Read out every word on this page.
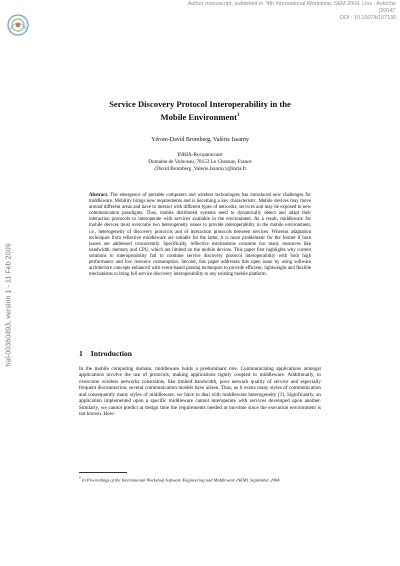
Author manuscript, published in "4th International Workshop, SEM 2004, Linz : Autriche
(2004)"
DOI : 10.1007/b107130
hal-00360493, version 1 - 11 Feb 2009
Service Discovery Protocol Interoperability in the
Mobile Environment$^1$
Yérom-David Bromberg, Valérie Issarny
INRIA-Rocquencourt
Domaine de Voluceau, 78153 Le Chesnay, France
{David.Bromberg ,Valerie.Issarny}@inria.fr
Abstract. The emergence of portable computers and wireless technologies has introduced new challenges for middleware. Mobility brings new requirements and is becoming a key characteristic. Mobile devices may move around different areas and have to interact with different types of networks, services and may be exposed to new communication paradigms. Thus, mobile distributed systems need to dynamically detect and adapt their interaction protocols to interoperate with services available in the environment. As a result, middleware for mobile devices must overcome two heterogeneity issues to provide interoperability in the mobile environment, i.e., heterogeneity of discovery protocols and of interaction protocols between services. Whereas adaptation techniques from reflective middleware are suitable for the latter, it is more problematic for the former if both issues are addressed concurrently. Specifically, reflective mechanisms consume too many resources like bandwidth, memory and CPU, which are limited on the mobile devices. This paper first highlights why current solutions to interoperability fail to combine service discovery protocol interoperability with both high performance and low resource consumption. Second, this paper addresses this open issue by using software architecture concepts enhanced with event-based parsing techniques to provide efficient, lightweight and flexible mechanisms to bring full service discovery interoperability to any existing mobile platform.
1 Introduction
In the mobile computing domain, middleware holds a predominant role. Communicating applications amongst applications involve the use of protocols, making applications tightly coupled to middleware. Additionally, to overcome wireless networks constraints, like limited bandwidth, poor network quality of service and especially frequent disconnection, several communication models have arisen. Thus, as it exists many styles of communication and consequently many styles of middleware, we have to deal with middleware heterogeneity [1]. Significantly, an application implemented upon a specific middleware cannot interoperate with services developed upon another. Similarly, we cannot predict at design time the requirements needed at run-time since the execution environment is not known. How-
$^1$ In Proceedings of the International Workshop Software Engineering and Middleware (SEM). September 2004.
